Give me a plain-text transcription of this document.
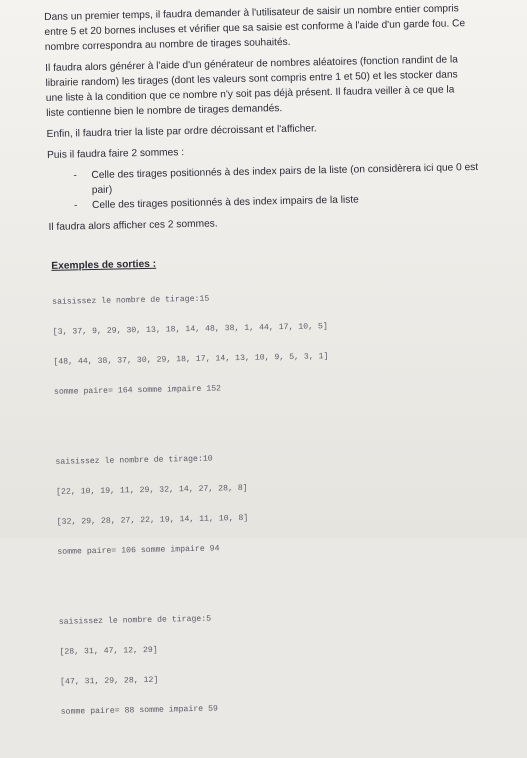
Dans un premier temps, il faudra demander à l'utilisateur de saisir un nombre entier compris
entre 5 et 20 bornes incluses et vérifier que sa saisie est conforme à l'aide d'un garde fou. Ce
nombre correspondra au nombre de tirages souhaités.
Il faudra alors générer à l'aide d'un générateur de nombres aléatoires (fonction randint de la
librairie random) les tirages (dont les valeurs sont compris entre 1 et 50) et les stocker dans
une liste à la condition que ce nombre n'y soit pas déjà présent. Il faudra veiller à ce que la
liste contienne bien le nombre de tirages demandés.
Enfin, il faudra trier la liste par ordre décroissant et l'afficher.
Puis il faudra faire 2 sommes :
- Celle des tirages positionnés à des index pairs de la liste (on considèrera ici que 0 est
pair)
- Celle des tirages positionnés à des index impairs de la liste
Il faudra alors afficher ces 2 sommes.
Exemples de sorties :

saisissez le nombre de tirage:15

[3, 37, 9, 29, 30, 13, 18, 14, 48, 38, 1, 44, 17, 10, 5]

[48, 44, 38, 37, 30, 29, 18, 17, 14, 13, 10, 9, 5, 3, 1]

somme paire= 164 somme impaire 152

saisissez le nombre de tirage:10

[22, 10, 19, 11, 29, 32, 14, 27, 28, 8]

[32, 29, 28, 27, 22, 19, 14, 11, 10, 8]

somme paire= 106 somme impaire 94

saisissez le nombre de tirage:5

[28, 31, 47, 12, 29]

[47, 31, 29, 28, 12]

somme paire= 88 somme impaire 59
